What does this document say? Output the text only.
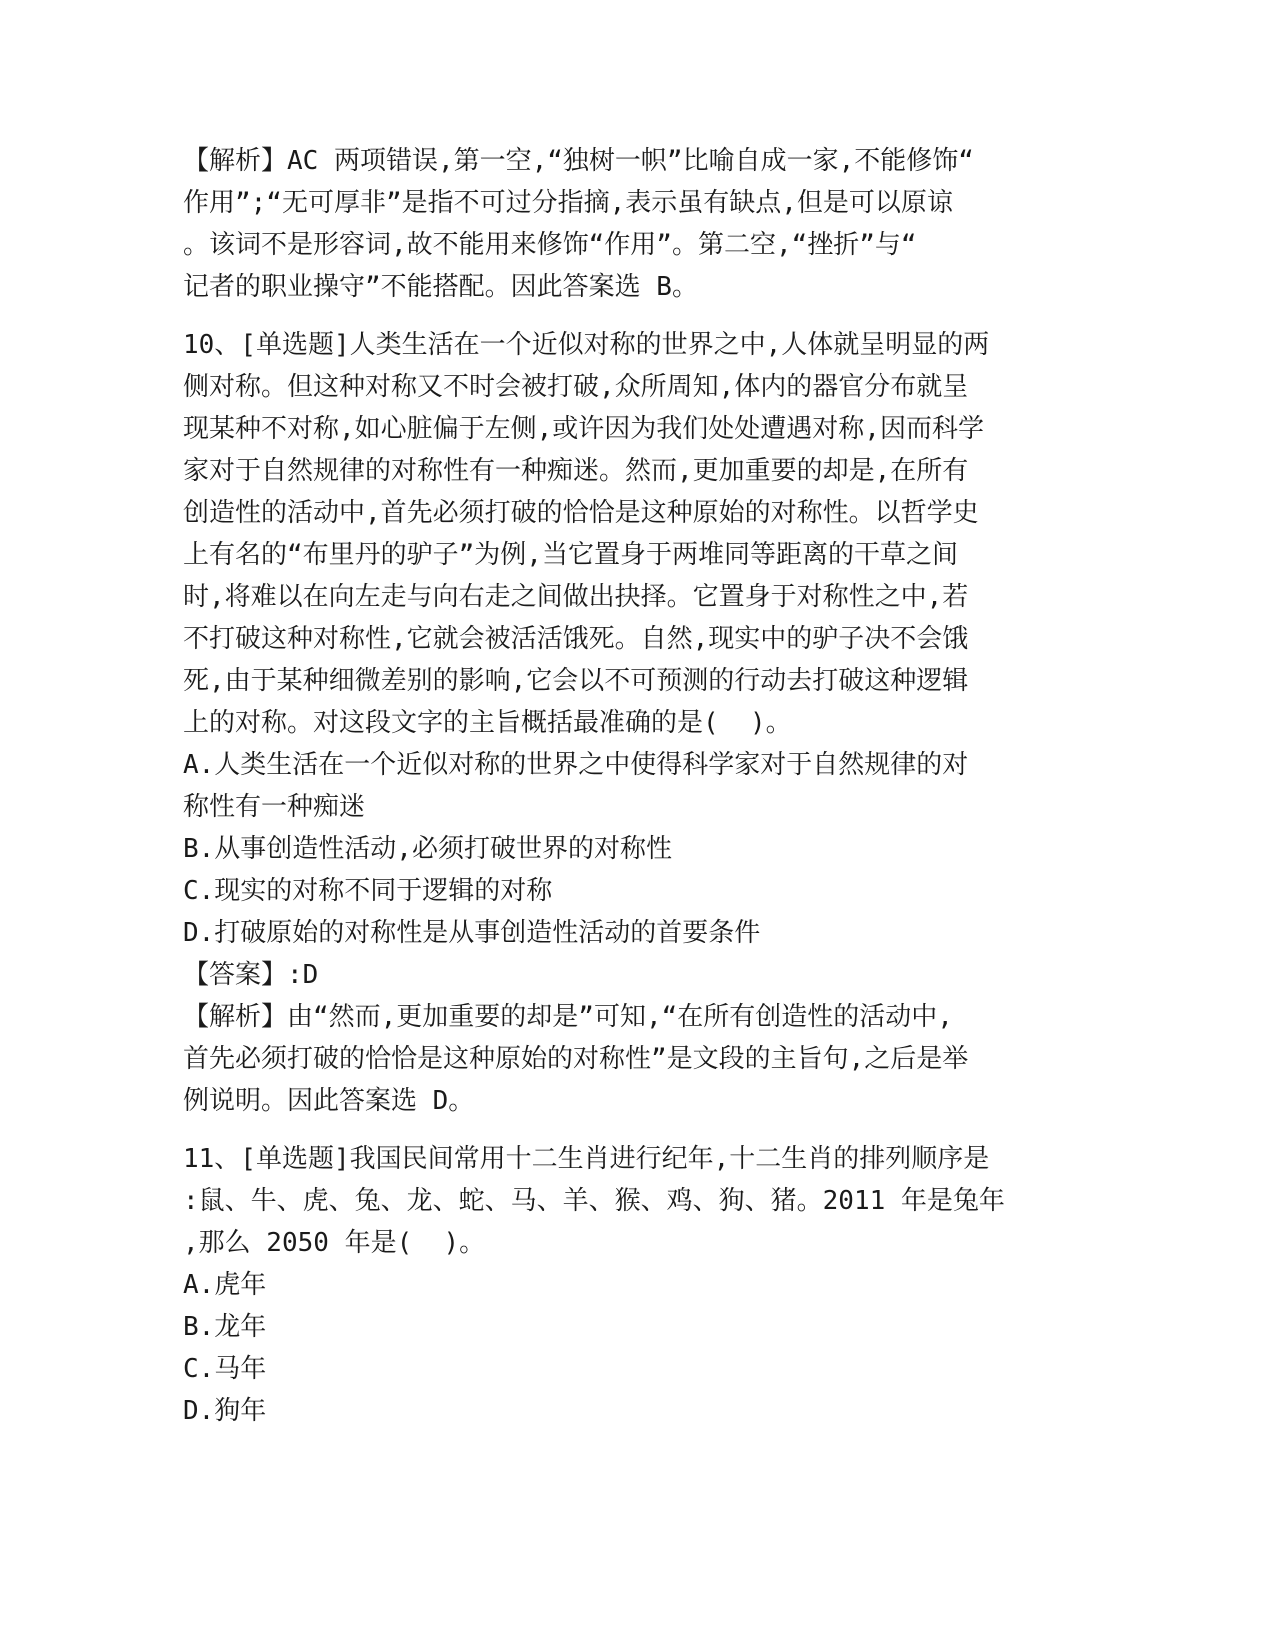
【解析】AC 两项错误,第一空,“独树一帜”比喻自成一家,不能修饰“
作用”;“无可厚非”是指不可过分指摘,表示虽有缺点,但是可以原谅
。该词不是形容词,故不能用来修饰“作用”。第二空,“挫折”与“
记者的职业操守”不能搭配。因此答案选 B。
10、[单选题]人类生活在一个近似对称的世界之中,人体就呈明显的两
侧对称。但这种对称又不时会被打破,众所周知,体内的器官分布就呈
现某种不对称,如心脏偏于左侧,或许因为我们处处遭遇对称,因而科学
家对于自然规律的对称性有一种痴迷。然而,更加重要的却是,在所有
创造性的活动中,首先必须打破的恰恰是这种原始的对称性。以哲学史
上有名的“布里丹的驴子”为例,当它置身于两堆同等距离的干草之间
时,将难以在向左走与向右走之间做出抉择。它置身于对称性之中,若
不打破这种对称性,它就会被活活饿死。自然,现实中的驴子决不会饿
死,由于某种细微差别的影响,它会以不可预测的行动去打破这种逻辑
上的对称。对这段文字的主旨概括最准确的是(  )。
A.人类生活在一个近似对称的世界之中使得科学家对于自然规律的对
称性有一种痴迷
B.从事创造性活动,必须打破世界的对称性
C.现实的对称不同于逻辑的对称
D.打破原始的对称性是从事创造性活动的首要条件
【答案】:D
【解析】由“然而,更加重要的却是”可知,“在所有创造性的活动中,
首先必须打破的恰恰是这种原始的对称性”是文段的主旨句,之后是举
例说明。因此答案选 D。
11、[单选题]我国民间常用十二生肖进行纪年,十二生肖的排列顺序是
:鼠、牛、虎、兔、龙、蛇、马、羊、猴、鸡、狗、猪。2011 年是兔年
,那么 2050 年是(  )。
A.虎年
B.龙年
C.马年
D.狗年
